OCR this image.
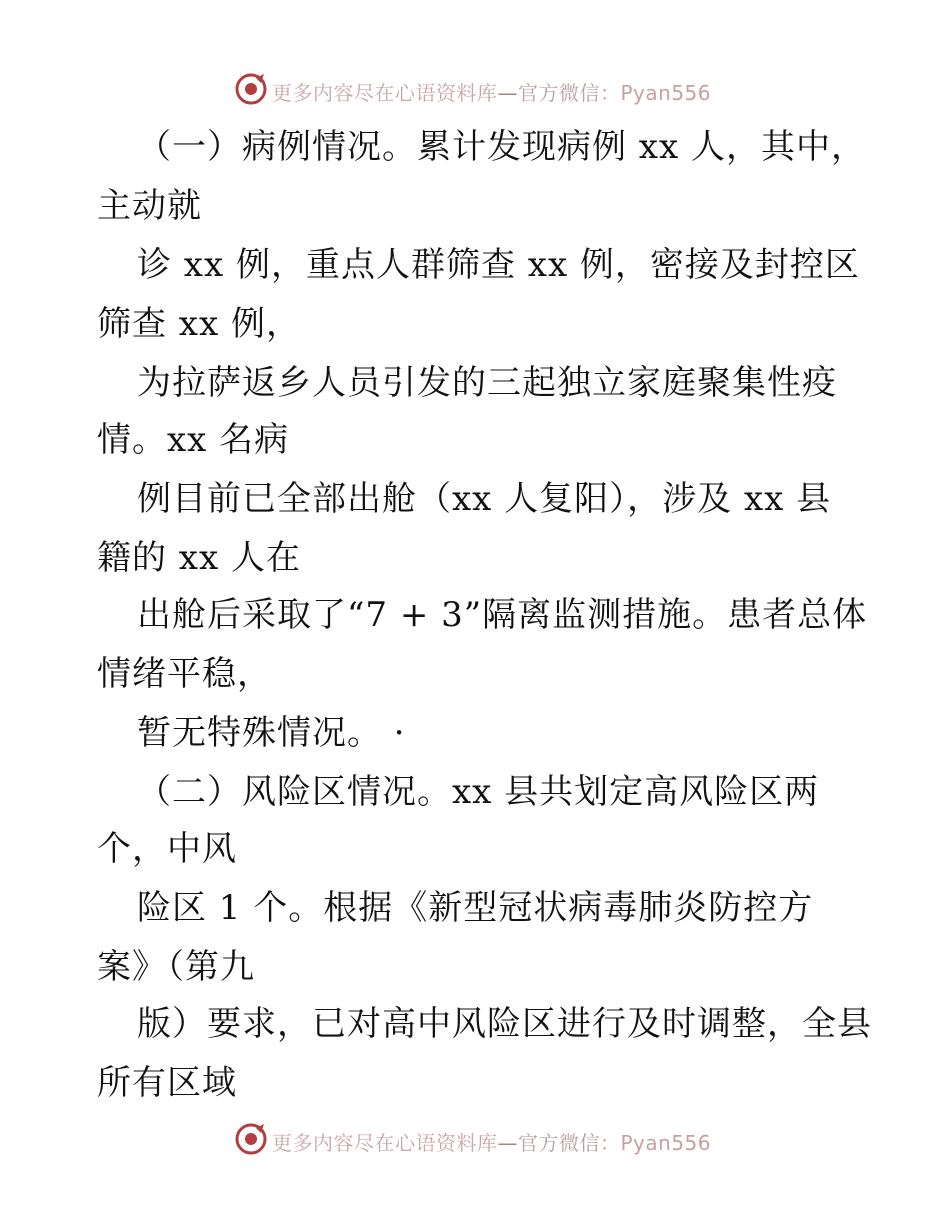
更多内容尽在心语资料库—官方微信：Pyan556
（一）病例情况。累计发现病例 xx 人，其中，
主动就
诊 xx 例，重点人群筛查 xx 例，密接及封控区
筛查 xx 例，
为拉萨返乡人员引发的三起独立家庭聚集性疫
情。xx 名病
例目前已全部出舱（xx 人复阳），涉及 xx 县
籍的 xx 人在
出舱后采取了“7 + 3”隔离监测措施。患者总体
情绪平稳，
暂无特殊情况。 ·
（二）风险区情况。xx 县共划定高风险区两
个，中风
险区 1 个。根据《新型冠状病毒肺炎防控方
案》（第九
版）要求，已对高中风险区进行及时调整，全县
所有区域
更多内容尽在心语资料库—官方微信：Pyan556
